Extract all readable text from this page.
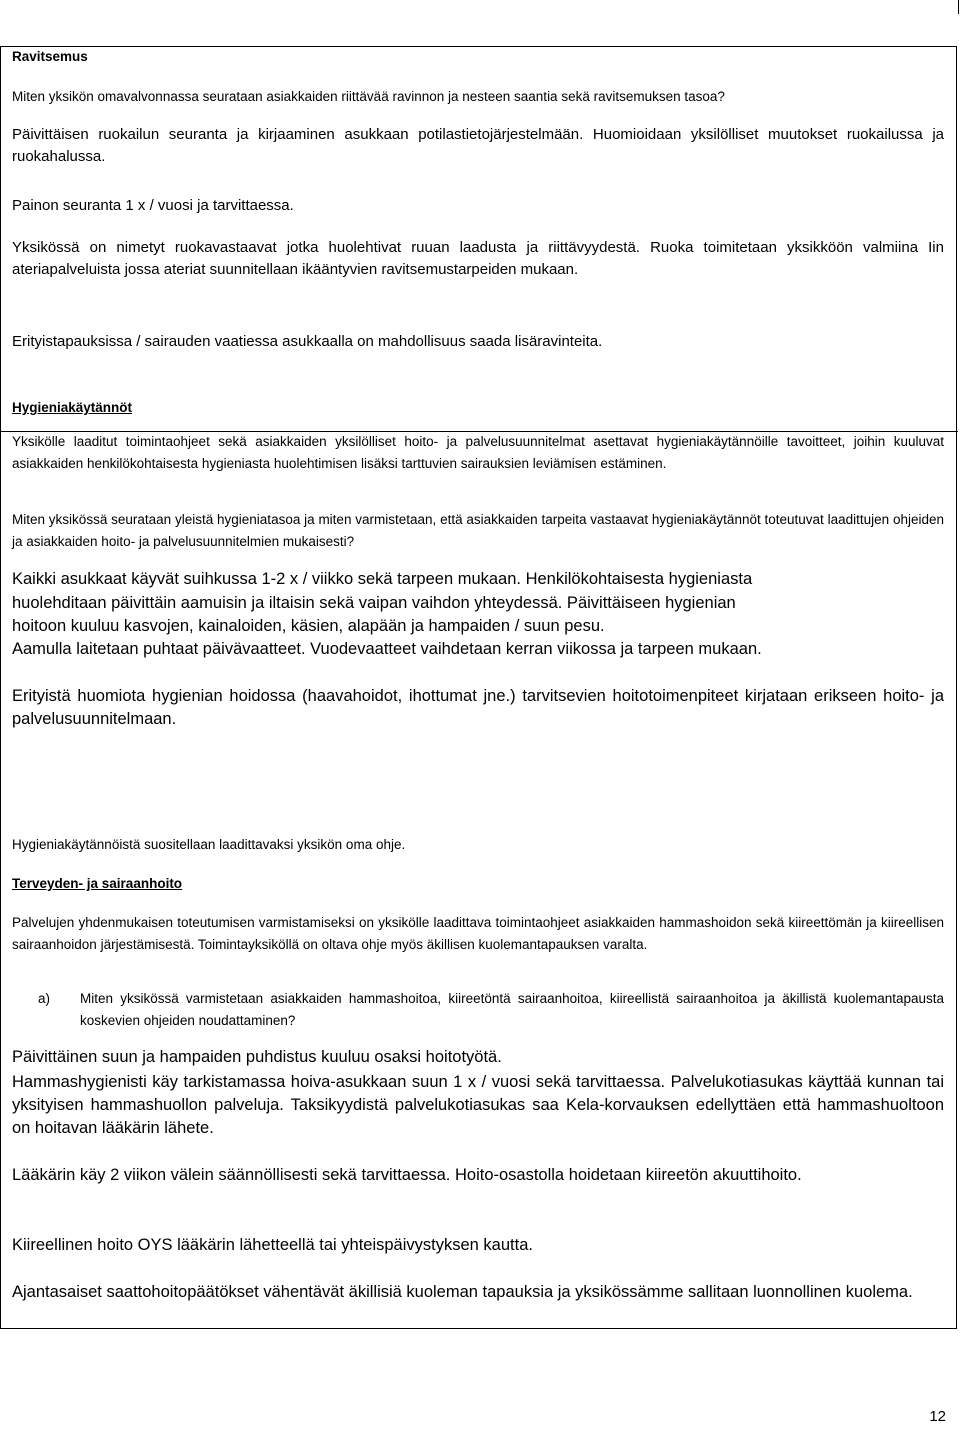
Ravitsemus

Miten yksikön omavalvonnassa seurataan asiakkaiden riittävää ravinnon ja nesteen saantia sekä ravitsemuksen tasoa?

Päivittäisen ruokailun seuranta ja kirjaaminen asukkaan potilastietojärjestelmään. Huomioidaan yksilölliset muutokset ruokailussa ja ruokahalussa.

Painon seuranta 1 x / vuosi ja tarvittaessa.

Yksikössä on nimetyt ruokavastaavat jotka huolehtivat ruuan laadusta ja riittävyydestä. Ruoka toimitetaan yksikköön valmiina Iin ateriapalveluista jossa ateriat suunnitellaan ikääntyvien ravitsemustarpeiden mukaan.

Erityistapauksissa / sairauden vaatiessa asukkaalla on mahdollisuus saada lisäravinteita.

Hygieniakäytännöt

Yksikölle laaditut toimintaohjeet sekä asiakkaiden yksilölliset hoito- ja palvelusuunnitelmat asettavat hygieniakäytännöille tavoitteet, joihin kuuluvat asiakkaiden henkilökohtaisesta hygieniasta huolehtimisen lisäksi tarttuvien sairauksien leviämisen estäminen.

Miten yksikössä seurataan yleistä hygieniatasoa ja miten varmistetaan, että asiakkaiden tarpeita vastaavat hygieniakäytännöt toteutuvat laadittujen ohjeiden ja asiakkaiden hoito- ja palvelusuunnitelmien mukaisesti?

Kaikki asukkaat käyvät suihkussa 1-2 x / viikko sekä tarpeen mukaan. Henkilökohtaisesta hygieniasta

huolehditaan päivittäin aamuisin ja iltaisin sekä vaipan vaihdon yhteydessä. Päivittäiseen hygienian

hoitoon kuuluu kasvojen, kainaloiden, käsien, alapään ja hampaiden / suun pesu.

Aamulla laitetaan puhtaat päivävaatteet. Vuodevaatteet vaihdetaan kerran viikossa ja tarpeen mukaan.

Erityistä huomiota hygienian hoidossa (haavahoidot, ihottumat jne.) tarvitsevien hoitotoimenpiteet kirjataan erikseen hoito- ja palvelusuunnitelmaan.

Hygieniakäytännöistä suositellaan laadittavaksi yksikön oma ohje.

Terveyden- ja sairaanhoito

Palvelujen yhdenmukaisen toteutumisen varmistamiseksi on yksikölle laadittava toimintaohjeet asiakkaiden hammashoidon sekä kiireettömän ja kiireellisen sairaanhoidon järjestämisestä. Toimintayksiköllä on oltava ohje myös äkillisen kuolemantapauksen varalta.

a) Miten yksikössä varmistetaan asiakkaiden hammashoitoa, kiireetöntä sairaanhoitoa, kiireellistä sairaanhoitoa ja äkillistä kuolemantapausta koskevien ohjeiden noudattaminen?

Päivittäinen suun ja hampaiden puhdistus kuuluu osaksi hoitotyötä.

Hammashygienisti käy tarkistamassa hoiva-asukkaan suun 1 x / vuosi sekä tarvittaessa. Palvelukotiasukas käyttää kunnan tai yksityisen hammashuollon palveluja. Taksikyydistä palvelukotiasukas saa Kela-korvauksen edellyttäen että hammashuoltoon on hoitavan lääkärin lähete.

Lääkärin käy 2 viikon välein säännöllisesti sekä tarvittaessa. Hoito-osastolla hoidetaan kiireetön akuuttihoito.

Kiireellinen hoito OYS lääkärin lähetteellä tai yhteispäivystyksen kautta.

Ajantasaiset saattohoitopäätökset vähentävät äkillisiä kuoleman tapauksia ja yksikössämme sallitaan luonnollinen kuolema.

12
